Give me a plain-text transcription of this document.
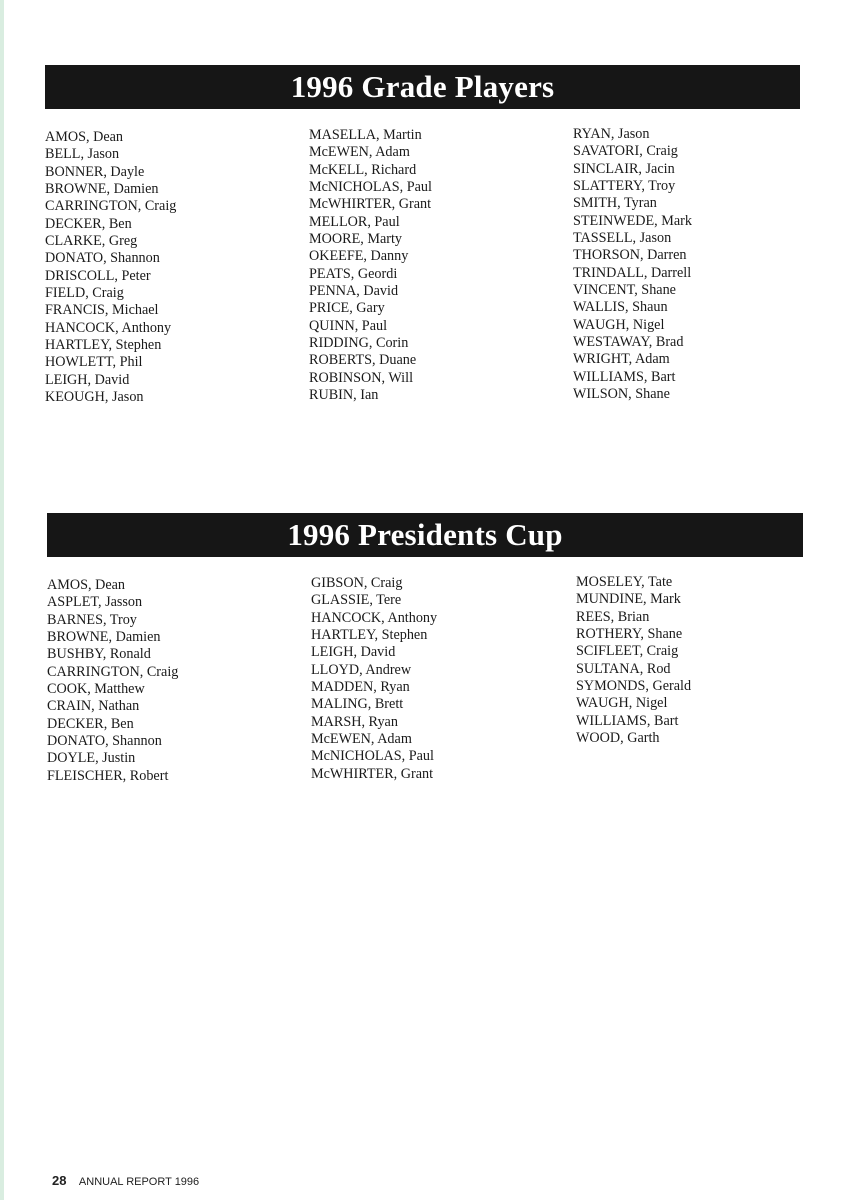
1996 Grade Players
AMOS, Dean
BELL, Jason
BONNER, Dayle
BROWNE, Damien
CARRINGTON, Craig
DECKER, Ben
CLARKE, Greg
DONATO, Shannon
DRISCOLL, Peter
FIELD, Craig
FRANCIS, Michael
HANCOCK, Anthony
HARTLEY, Stephen
HOWLETT, Phil
LEIGH, David
KEOUGH, Jason
MASELLA, Martin
McEWEN, Adam
McKELL, Richard
McNICHOLAS, Paul
McWHIRTER, Grant
MELLOR, Paul
MOORE, Marty
OKEEFE, Danny
PEATS, Geordi
PENNA, David
PRICE, Gary
QUINN, Paul
RIDDING, Corin
ROBERTS, Duane
ROBINSON, Will
RUBIN, Ian
RYAN, Jason
SAVATORI, Craig
SINCLAIR, Jacin
SLATTERY, Troy
SMITH, Tyran
STEINWEDE, Mark
TASSELL, Jason
THORSON, Darren
TRINDALL, Darrell
VINCENT, Shane
WALLIS, Shaun
WAUGH, Nigel
WESTAWAY, Brad
WRIGHT, Adam
WILLIAMS, Bart
WILSON, Shane
1996 Presidents Cup
AMOS, Dean
ASPLET, Jasson
BARNES, Troy
BROWNE, Damien
BUSHBY, Ronald
CARRINGTON, Craig
COOK, Matthew
CRAIN, Nathan
DECKER, Ben
DONATO, Shannon
DOYLE, Justin
FLEISCHER, Robert
GIBSON, Craig
GLASSIE, Tere
HANCOCK, Anthony
HARTLEY, Stephen
LEIGH, David
LLOYD, Andrew
MADDEN, Ryan
MALING, Brett
MARSH, Ryan
McEWEN, Adam
McNICHOLAS, Paul
McWHIRTER, Grant
MOSELEY, Tate
MUNDINE, Mark
REES, Brian
ROTHERY, Shane
SCIFLEET, Craig
SULTANA, Rod
SYMONDS, Gerald
WAUGH, Nigel
WILLIAMS, Bart
WOOD, Garth
28 ANNUAL REPORT 1996
